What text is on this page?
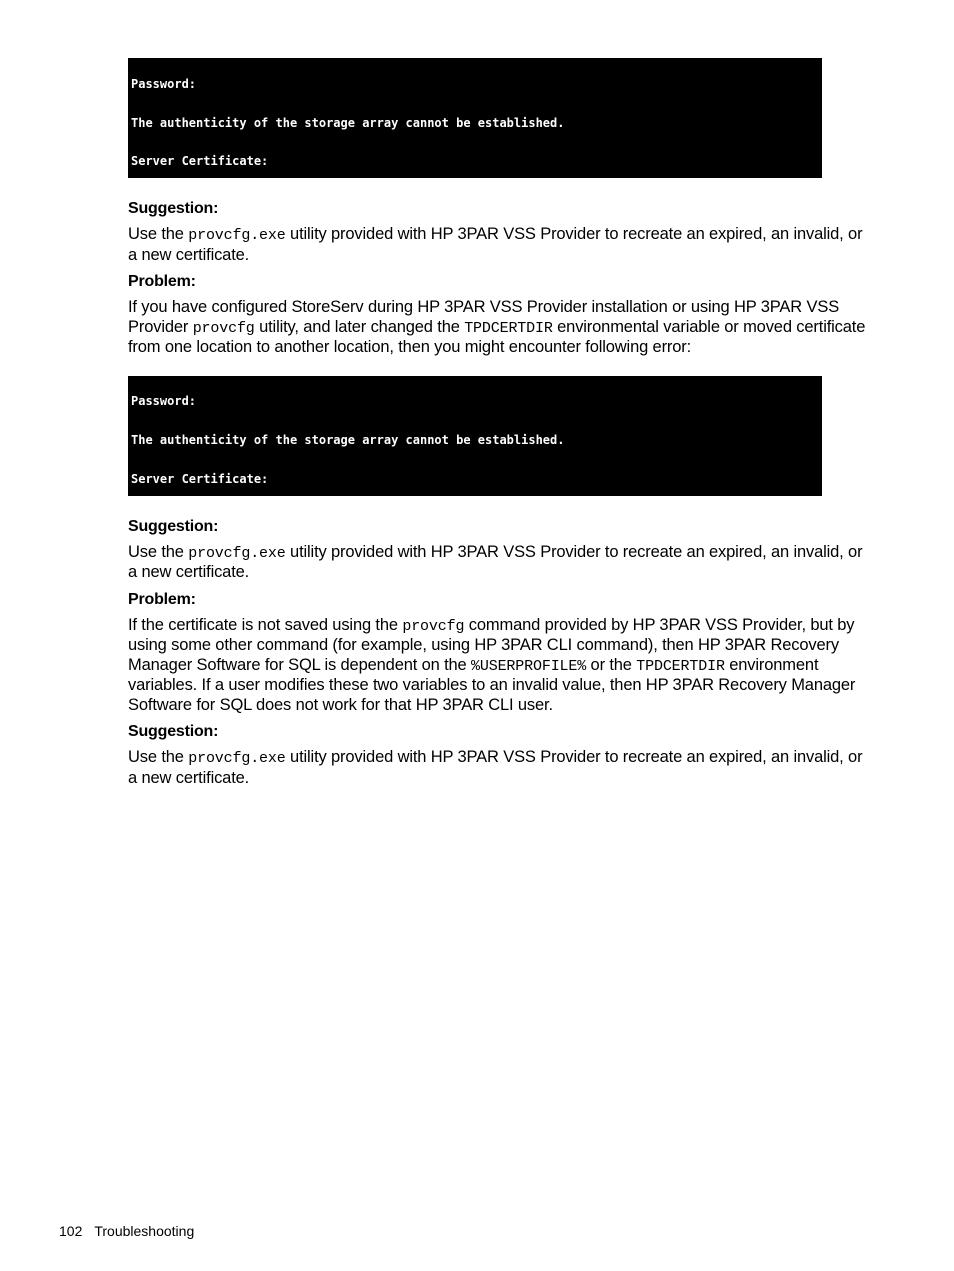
Password:

The authenticity of the storage array cannot be established.

Server Certificate:

Suggestion:

Use the provcfg.exe utility provided with HP 3PAR VSS Provider to recreate an expired, an invalid, or a new certificate.

Problem:

If you have configured StoreServ during HP 3PAR VSS Provider installation or using HP 3PAR VSS Provider provcfg utility, and later changed the TPDCERTDIR environmental variable or moved certificate from one location to another location, then you might encounter following error:

Password:

The authenticity of the storage array cannot be established.

Server Certificate:

Suggestion:

Use the provcfg.exe utility provided with HP 3PAR VSS Provider to recreate an expired, an invalid, or a new certificate.

Problem:

If the certificate is not saved using the provcfg command provided by HP 3PAR VSS Provider, but by using some other command (for example, using HP 3PAR CLI command), then HP 3PAR Recovery Manager Software for SQL is dependent on the %USERPROFILE% or the TPDCERTDIR environment variables. If a user modifies these two variables to an invalid value, then HP 3PAR Recovery Manager Software for SQL does not work for that HP 3PAR CLI user.

Suggestion:

Use the provcfg.exe utility provided with HP 3PAR VSS Provider to recreate an expired, an invalid, or a new certificate.

102 Troubleshooting
